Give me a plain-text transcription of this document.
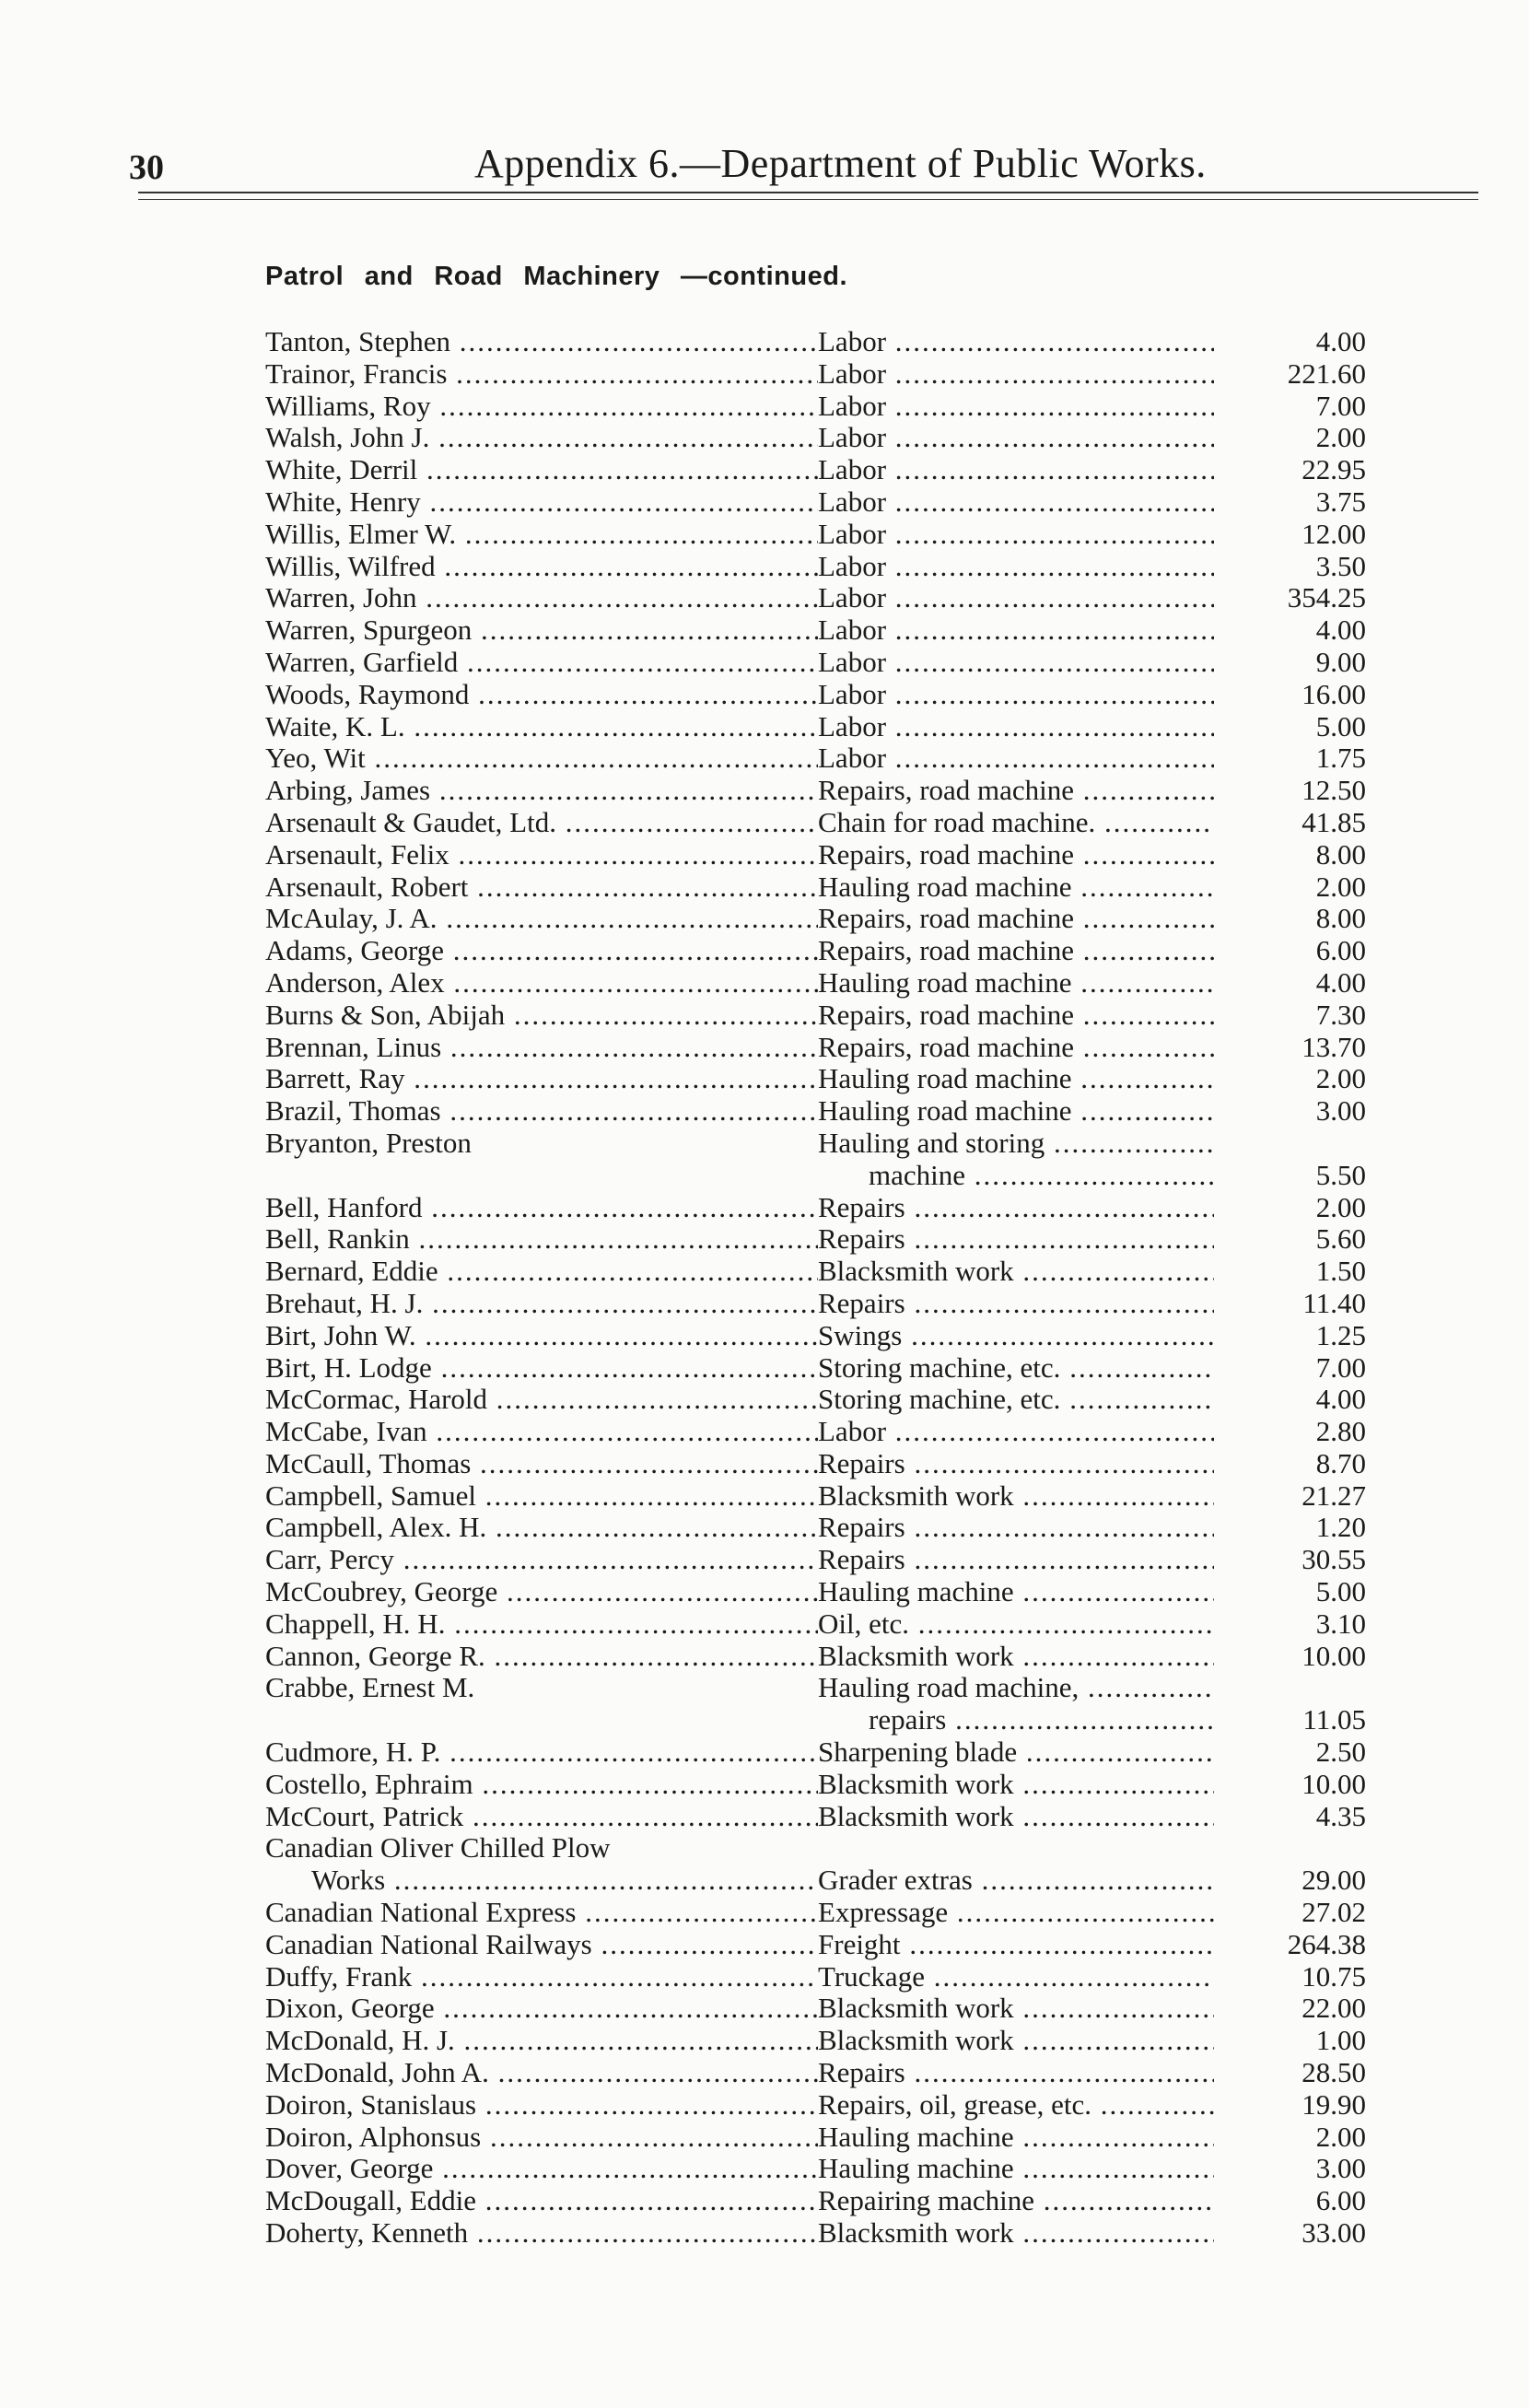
30	Appendix 6.—Department of Public Works.
Patrol and Road Machinery —continued.
Tanton, Stephen .....	Labor .....	4.00
Trainor, Francis .....	Labor .....	221.60
Williams, Roy .....	Labor .....	7.00
Walsh, John J. .....	Labor .....	2.00
White, Derril .....	Labor .....	22.95
White, Henry .....	Labor .....	3.75
Willis, Elmer W. .....	Labor .....	12.00
Willis, Wilfred .....	Labor .....	3.50
Warren, John .....	Labor .....	354.25
Warren, Spurgeon .....	Labor .....	4.00
Warren, Garfield .....	Labor .....	9.00
Woods, Raymond .....	Labor .....	16.00
Waite, K. L. .....	Labor .....	5.00
Yeo, Wit .....	Labor .....	1.75
Arbing, James .....	Repairs, road machine .....	12.50
Arsenault & Gaudet, Ltd. .....	Chain for road machine. .....	41.85
Arsenault, Felix .....	Repairs, road machine .....	8.00
Arsenault, Robert .....	Hauling road machine .....	2.00
McAulay, J. A. .....	Repairs, road machine .....	8.00
Adams, George .....	Repairs, road machine .....	6.00
Anderson, Alex .....	Hauling road machine .....	4.00
Burns & Son, Abijah .....	Repairs, road machine .....	7.30
Brennan, Linus .....	Repairs, road machine .....	13.70
Barrett, Ray .....	Hauling road machine .....	2.00
Brazil, Thomas .....	Hauling road machine .....	3.00
Bryanton, Preston	Hauling and storing .....
machine .....	5.50
Bell, Hanford .....	Repairs .....	2.00
Bell, Rankin .....	Repairs .....	5.60
Bernard, Eddie .....	Blacksmith work .....	1.50
Brehaut, H. J. .....	Repairs .....	11.40
Birt, John W. .....	Swings .....	1.25
Birt, H. Lodge .....	Storing machine, etc. .....	7.00
McCormac, Harold .....	Storing machine, etc. .....	4.00
McCabe, Ivan .....	Labor .....	2.80
McCaull, Thomas .....	Repairs .....	8.70
Campbell, Samuel .....	Blacksmith work .....	21.27
Campbell, Alex. H. .....	Repairs .....	1.20
Carr, Percy .....	Repairs .....	30.55
McCoubrey, George .....	Hauling machine .....	5.00
Chappell, H. H. .....	Oil, etc. .....	3.10
Cannon, George R. .....	Blacksmith work .....	10.00
Crabbe, Ernest M.	Hauling road machine, .....
repairs .....	11.05
Cudmore, H. P. .....	Sharpening blade .....	2.50
Costello, Ephraim .....	Blacksmith work .....	10.00
McCourt, Patrick .....	Blacksmith work .....	4.35
Canadian Oliver Chilled Plow
Works .....	Grader extras .....	29.00
Canadian National Express .....	Expressage .....	27.02
Canadian National Railways .....	Freight .....	264.38
Duffy, Frank .....	Truckage .....	10.75
Dixon, George .....	Blacksmith work .....	22.00
McDonald, H. J. .....	Blacksmith work .....	1.00
McDonald, John A. .....	Repairs .....	28.50
Doiron, Stanislaus .....	Repairs, oil, grease, etc. .....	19.90
Doiron, Alphonsus .....	Hauling machine .....	2.00
Dover, George .....	Hauling machine .....	3.00
McDougall, Eddie .....	Repairing machine .....	6.00
Doherty, Kenneth .....	Blacksmith work .....	33.00
